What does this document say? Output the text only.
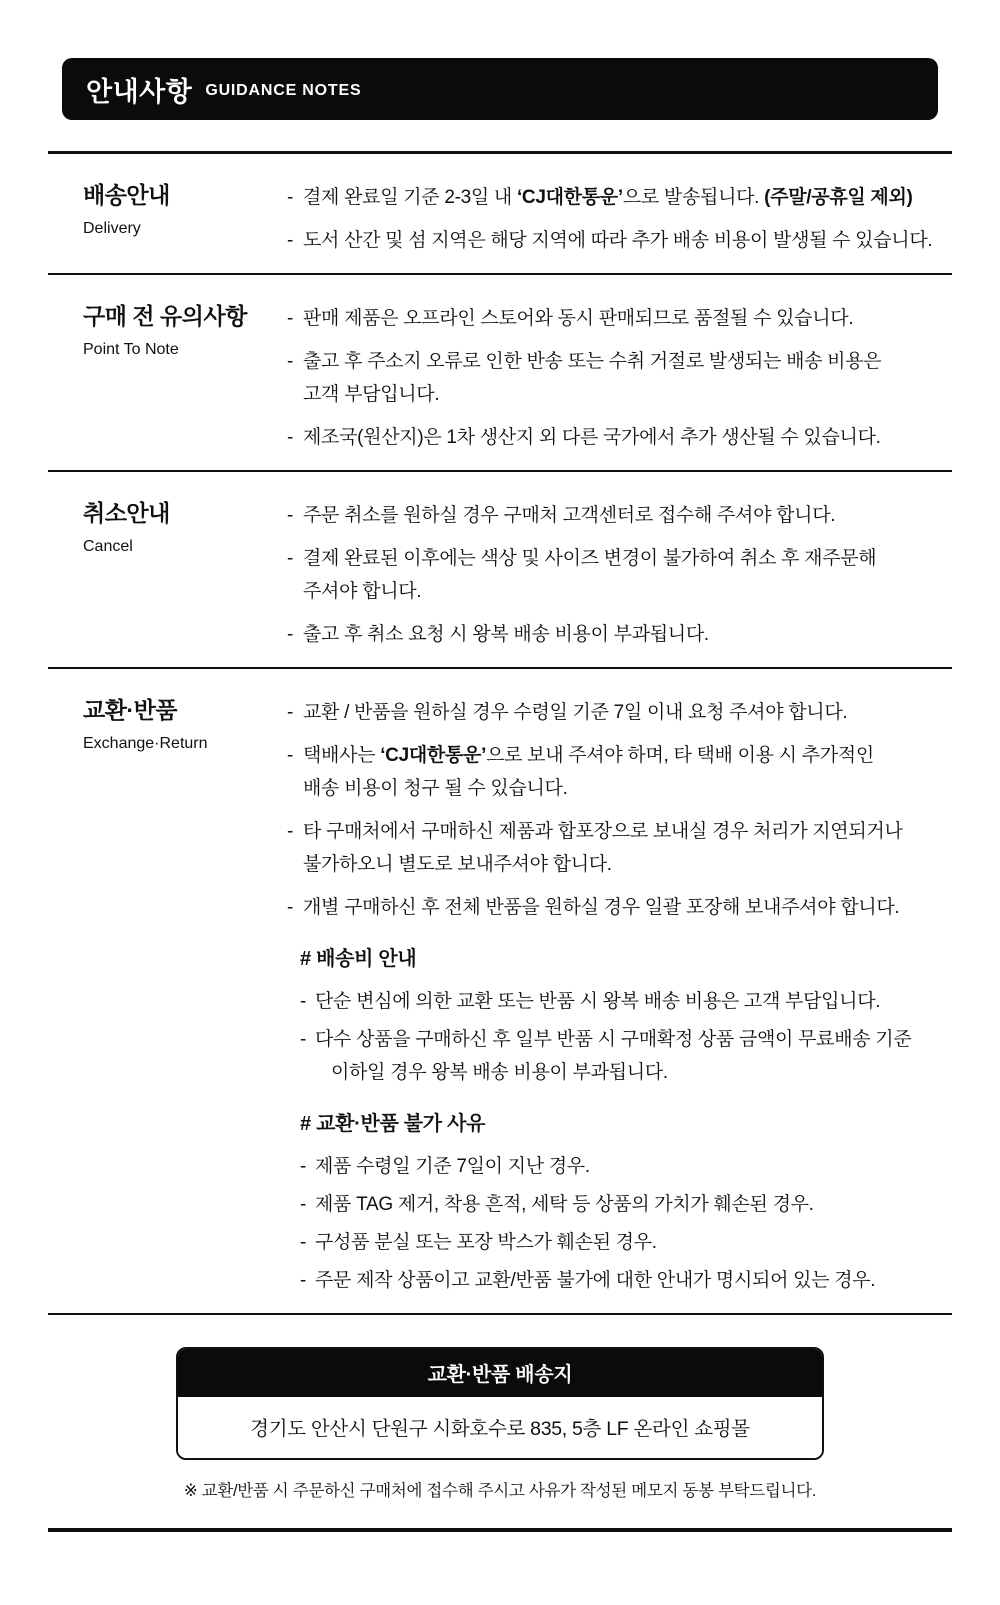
안내사항 GUIDANCE NOTES
배송안내
Delivery
- 결제 완료일 기준 2-3일 내 ‘CJ대한통운’으로 발송됩니다. (주말/공휴일 제외)
- 도서 산간 및 섬 지역은 해당 지역에 따라 추가 배송 비용이 발생될 수 있습니다.
구매 전 유의사항
Point To Note
- 판매 제품은 오프라인 스토어와 동시 판매되므로 품절될 수 있습니다.
- 출고 후 주소지 오류로 인한 반송 또는 수취 거절로 발생되는 배송 비용은
고객 부담입니다.
- 제조국(원산지)은 1차 생산지 외 다른 국가에서 추가 생산될 수 있습니다.
취소안내
Cancel
- 주문 취소를 원하실 경우 구매처 고객센터로 접수해 주셔야 합니다.
- 결제 완료된 이후에는 색상 및 사이즈 변경이 불가하여 취소 후 재주문해
주셔야 합니다.
- 출고 후 취소 요청 시 왕복 배송 비용이 부과됩니다.
교환·반품
Exchange·Return
- 교환 / 반품을 원하실 경우 수령일 기준 7일 이내 요청 주셔야 합니다.
- 택배사는 ‘CJ대한통운’으로 보내 주셔야 하며, 타 택배 이용 시 추가적인
배송 비용이 청구 될 수 있습니다.
- 타 구매처에서 구매하신 제품과 합포장으로 보내실 경우 처리가 지연되거나
불가하오니 별도로 보내주셔야 합니다.
- 개별 구매하신 후 전체 반품을 원하실 경우 일괄 포장해 보내주셔야 합니다.
# 배송비 안내
- 단순 변심에 의한 교환 또는 반품 시 왕복 배송 비용은 고객 부담입니다.
- 다수 상품을 구매하신 후 일부 반품 시 구매확정 상품 금액이 무료배송 기준
이하일 경우 왕복 배송 비용이 부과됩니다.
# 교환·반품 불가 사유
- 제품 수령일 기준 7일이 지난 경우.
- 제품 TAG 제거, 착용 흔적, 세탁 등 상품의 가치가 훼손된 경우.
- 구성품 분실 또는 포장 박스가 훼손된 경우.
- 주문 제작 상품이고 교환/반품 불가에 대한 안내가 명시되어 있는 경우.
교환·반품 배송지
경기도 안산시 단원구 시화호수로 835, 5층 LF 온라인 쇼핑몰
※ 교환/반품 시 주문하신 구매처에 접수해 주시고 사유가 작성된 메모지 동봉 부탁드립니다.
